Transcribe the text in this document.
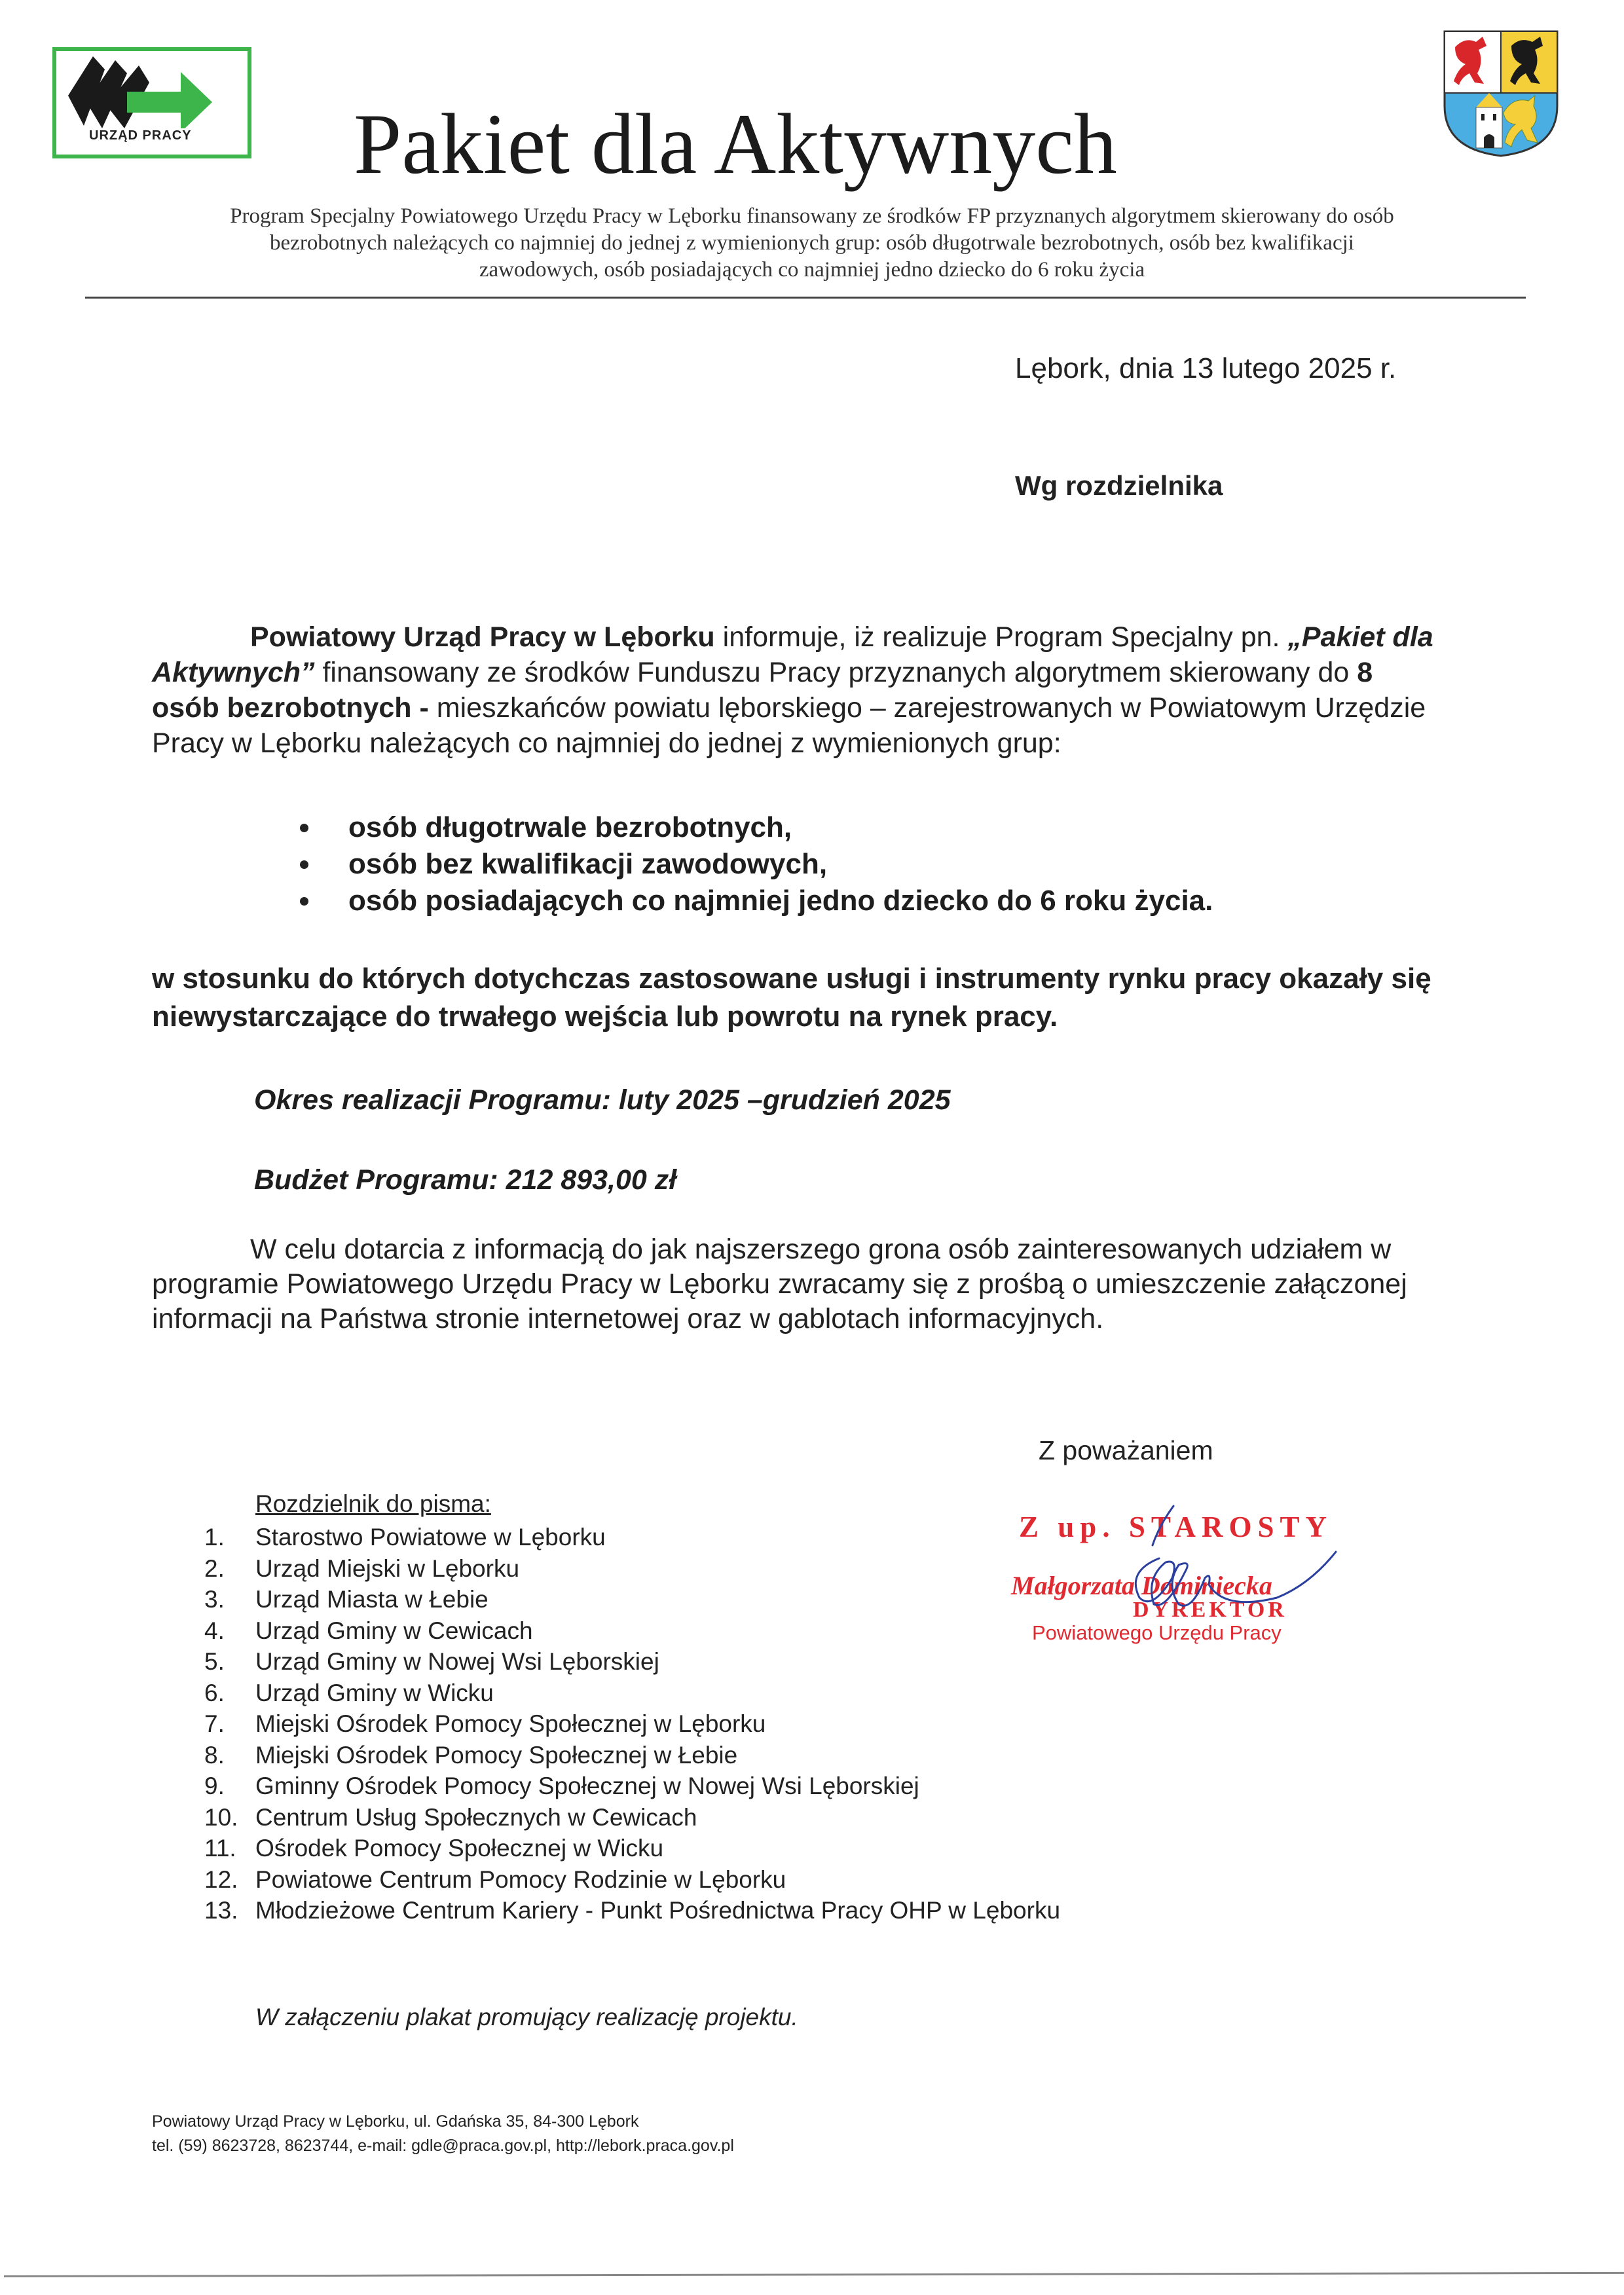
URZĄD PRACY Pakiet dla Aktywnych
Program Specjalny Powiatowego Urzędu Pracy w Lęborku finansowany ze środków FP przyznanych algorytmem skierowany do osób
bezrobotnych należących co najmniej do jednej z wymienionych grup: osób długotrwale bezrobotnych, osób bez kwalifikacji
zawodowych, osób posiadających co najmniej jedno dziecko do 6 roku życia
Lębork, dnia 13 lutego 2025 r.
Wg rozdzielnika
Powiatowy Urząd Pracy w Lęborku informuje, iż realizuje Program Specjalny pn. „Pakiet dla Aktywnych” finansowany ze środków Funduszu Pracy przyznanych algorytmem skierowany do 8 osób bezrobotnych - mieszkańców powiatu lęborskiego – zarejestrowanych w Powiatowym Urzędzie Pracy w Lęborku należących co najmniej do jednej z wymienionych grup:
osób długotrwale bezrobotnych,
osób bez kwalifikacji zawodowych,
osób posiadających co najmniej jedno dziecko do 6 roku życia.
w stosunku do których dotychczas zastosowane usługi i instrumenty rynku pracy okazały się niewystarczające do trwałego wejścia lub powrotu na rynek pracy.
Okres realizacji Programu: luty 2025 –grudzień 2025
Budżet Programu: 212 893,00 zł
W celu dotarcia z informacją do jak najszerszego grona osób zainteresowanych udziałem w programie Powiatowego Urzędu Pracy w Lęborku zwracamy się z prośbą o umieszczenie załączonej informacji na Państwa stronie internetowej oraz w gablotach informacyjnych.
Z poważaniem
Z up. STAROSTY
Małgorzata Dominiecka
DYREKTOR
Powiatowego Urzędu Pracy
Rozdzielnik do pisma:
1.	Starostwo Powiatowe w Lęborku
2.	Urząd Miejski w Lęborku
3.	Urząd Miasta w Łebie
4.	Urząd Gminy w Cewicach
5.	Urząd Gminy w Nowej Wsi Lęborskiej
6.	Urząd Gminy w Wicku
7.	Miejski Ośrodek Pomocy Społecznej w Lęborku
8.	Miejski Ośrodek Pomocy Społecznej w Łebie
9.	Gminny Ośrodek Pomocy Społecznej w Nowej Wsi Lęborskiej
10. Centrum Usług Społecznych w Cewicach
11. Ośrodek Pomocy Społecznej w Wicku
12. Powiatowe Centrum Pomocy Rodzinie w Lęborku
13. Młodzieżowe Centrum Kariery - Punkt Pośrednictwa Pracy OHP w Lęborku
W załączeniu plakat promujący realizację projektu.
Powiatowy Urząd Pracy w Lęborku, ul. Gdańska 35, 84-300 Lębork
tel. (59) 8623728, 8623744, e-mail: gdle@praca.gov.pl, http://lebork.praca.gov.pl
